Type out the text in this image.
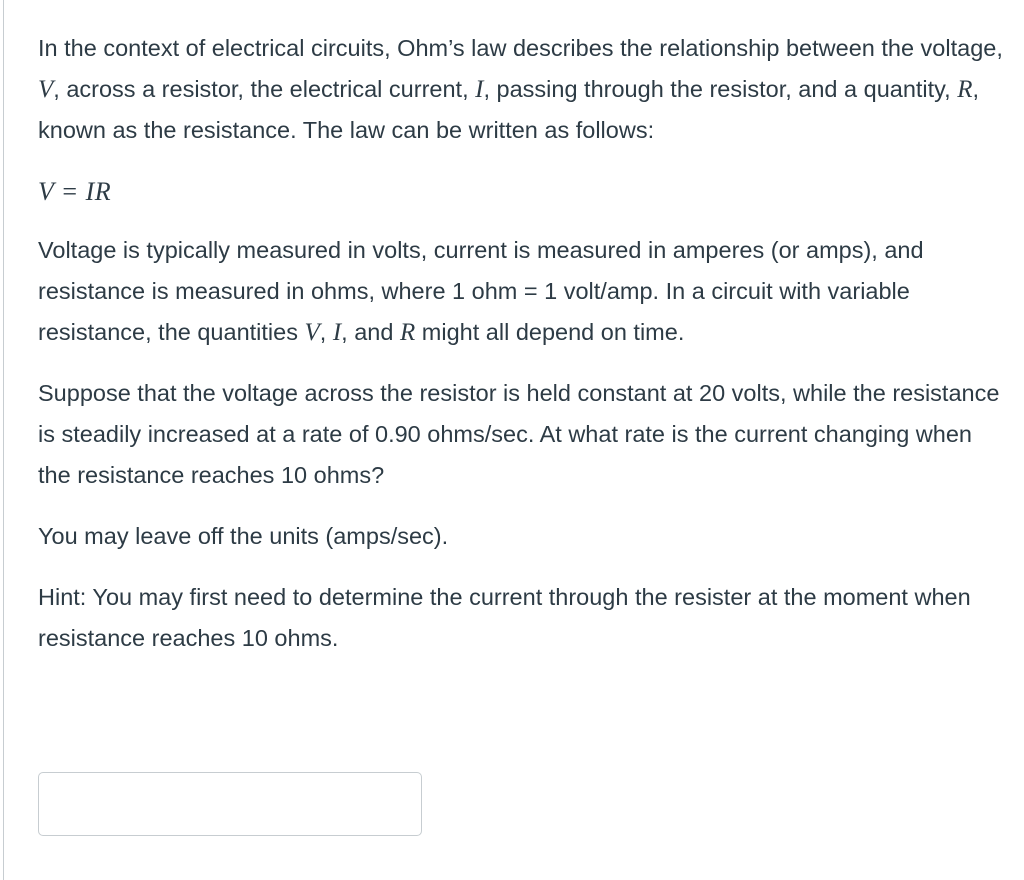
In the context of electrical circuits, Ohm’s law describes the relationship between the voltage, V, across a resistor, the electrical current, I, passing through the resistor, and a quantity, R, known as the resistance. The law can be written as follows:

V = IR

Voltage is typically measured in volts, current is measured in amperes (or amps), and resistance is measured in ohms, where 1 ohm = 1 volt/amp. In a circuit with variable resistance, the quantities V, I, and R might all depend on time.

Suppose that the voltage across the resistor is held constant at 20 volts, while the resistance is steadily increased at a rate of 0.90 ohms/sec. At what rate is the current changing when the resistance reaches 10 ohms?

You may leave off the units (amps/sec).

Hint: You may first need to determine the current through the resister at the moment when resistance reaches 10 ohms.
